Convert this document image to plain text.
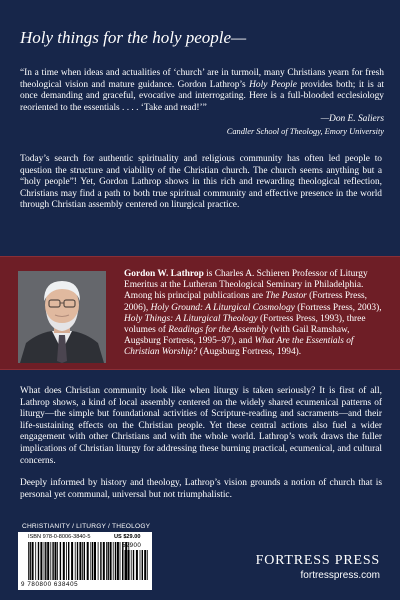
Holy things for the holy people—

“In a time when ideas and actualities of ‘church’ are in turmoil, many Christians yearn for fresh theological vision and mature guidance. Gordon Lathrop’s Holy People provides both; it is at once demanding and graceful, evocative and interrogating. Here is a full-blooded ecclesiology reoriented to the essentials . . . . ‘Take and read!’”

—Don E. Saliers

Candler School of Theology, Emory University

Today’s search for authentic spirituality and religious community has often led people to question the structure and viability of the Christian church. The church seems anything but a “holy people”! Yet, Gordon Lathrop shows in this rich and rewarding theological reflection, Christians may find a path to both true spiritual community and effective presence in the world through Christian assembly centered on liturgical practice.
Gordon W. Lathrop is Charles A. Schieren Professor of Liturgy Emeritus at the Lutheran Theological Seminary in Philadelphia. Among his principal publications are The Pastor (Fortress Press, 2006), Holy Ground: A Liturgical Cosmology (Fortress Press, 2003), Holy Things: A Liturgical Theology (Fortress Press, 1993), three volumes of Readings for the Assembly (with Gail Ramshaw, Augsburg Fortress, 1995–97), and What Are the Essentials of Christian Worship? (Augsburg Fortress, 1994).

What does Christian community look like when liturgy is taken seriously? It is first of all, Lathrop shows, a kind of local assembly centered on the widely shared ecumenical patterns of liturgy—the simple but foundational activities of Scripture-reading and sacraments—and their life-sustaining effects on the Christian people. Yet these central actions also fuel a wider engagement with other Christians and with the whole world. Lathrop’s work draws the fuller implications of Christian liturgy for addressing these burning practical, ecumenical, and cultural concerns.

Deeply informed by history and theology, Lathrop’s vision grounds a notion of church that is personal yet communal, universal but not triumphalistic.

CHRISTIANITY / LITURGY / THEOLOGY
ISBN 978-0-8006-3840-5	US $29.00
52900
9 780800 638405
FORTRESS PRESS
fortresspress.com
